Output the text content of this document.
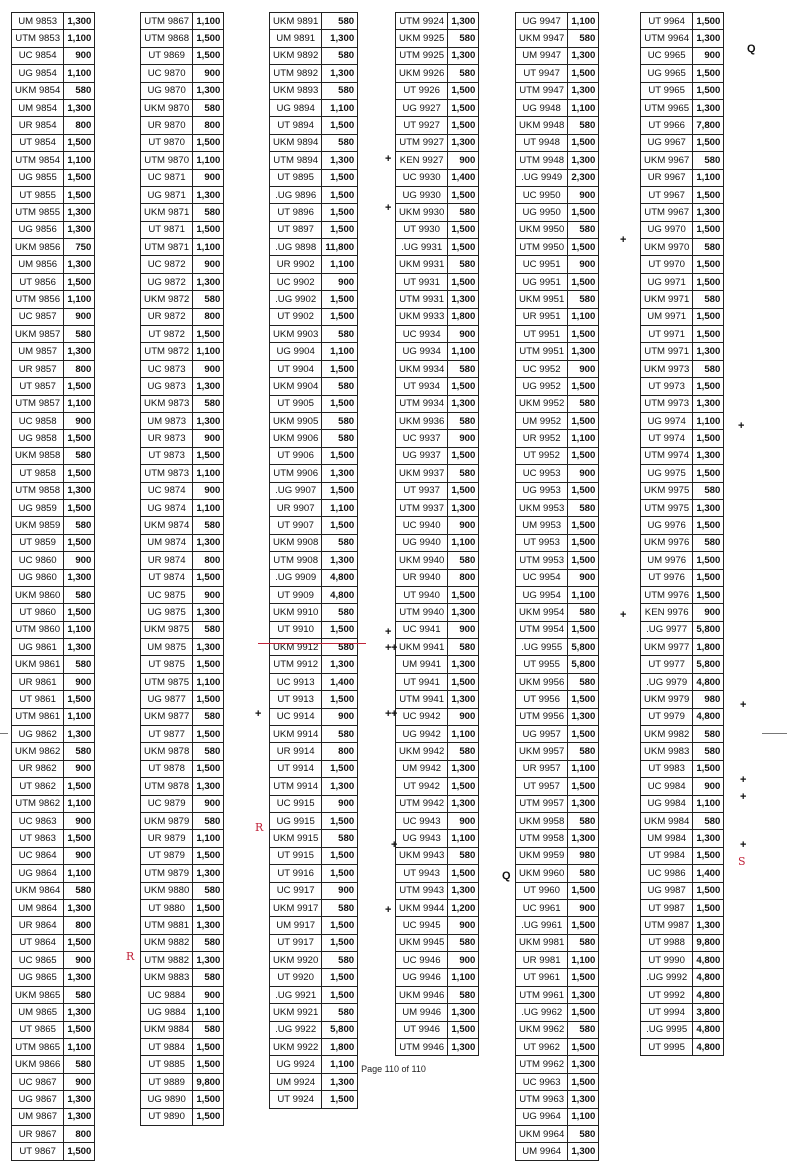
UM 9853	1,300
UTM 9853	1,100
UC 9854	900
UG 9854	1,100
UKM 9854	580
UM 9854	1,300
UR 9854	800
UT 9854	1,500
UTM 9854	1,100
UG 9855	1,500
UT 9855	1,500
UTM 9855	1,300
UG 9856	1,300
UKM 9856	750
UM 9856	1,300
UT 9856	1,500
UTM 9856	1,100
UC 9857	900
UKM 9857	580
UM 9857	1,300
UR 9857	800
UT 9857	1,500
UTM 9857	1,100
UC 9858	900
UG 9858	1,500
UKM 9858	580
UT 9858	1,500
UTM 9858	1,300
UG 9859	1,500
UKM 9859	580
UT 9859	1,500
UC 9860	900
UG 9860	1,300
UKM 9860	580
UT 9860	1,500
UTM 9860	1,100
UG 9861	1,300
UKM 9861	580
UR 9861	900
UT 9861	1,500
UTM 9861	1,100
UG 9862	1,300
UKM 9862	580
UR 9862	900
UT 9862	1,500
UTM 9862	1,100
UC 9863	900
UT 9863	1,500
UC 9864	900
UG 9864	1,100
UKM 9864	580
UM 9864	1,300
UR 9864	800
UT 9864	1,500
UC 9865	900
UG 9865	1,300
UKM 9865	580
UM 9865	1,300
UT 9865	1,500
UTM 9865	1,100
UKM 9866	580
UC 9867	900
UG 9867	1,300
UM 9867	1,300
UR 9867	800
UT 9867	1,500
UTM 9867	1,100
UTM 9868	1,500
UT 9869	1,500
UC 9870	900
UG 9870	1,300
UKM 9870	580
UR 9870	800
UT 9870	1,500
UTM 9870	1,100
UC 9871	900
UG 9871	1,300
UKM 9871	580
UT 9871	1,500
UTM 9871	1,100
UC 9872	900
UG 9872	1,300
UKM 9872	580
UR 9872	800
UT 9872	1,500
UTM 9872	1,100
UC 9873	900
UG 9873	1,300
UKM 9873	580
UM 9873	1,300
UR 9873	900
UT 9873	1,500
UTM 9873	1,100
UC 9874	900
UG 9874	1,100
UKM 9874	580
UM 9874	1,300
UR 9874	800
UT 9874	1,500
UC 9875	900
UG 9875	1,300
UKM 9875	580
UM 9875	1,300
UT 9875	1,500
UTM 9875	1,100
UG 9877	1,500
UKM 9877	580
UT 9877	1,500
UKM 9878	580
UT 9878	1,500
UTM 9878	1,300
UC 9879	900
UKM 9879	580
UR 9879	1,100
UT 9879	1,500
UTM 9879	1,300
UKM 9880	580
UT 9880	1,500
UTM 9881	1,300
UKM 9882	580
UTM 9882	1,300
UKM 9883	580
UC 9884	900
UG 9884	1,100
UKM 9884	580
UT 9884	1,500
UT 9885	1,500
UT 9889	9,800
UG 9890	1,500
UT 9890	1,500
UKM 9891	580
UM 9891	1,300
UKM 9892	580
UTM 9892	1,300
UKM 9893	580
UG 9894	1,100
UT 9894	1,500
UKM 9894	580
UTM 9894	1,300
UT 9895	1,500
.UG 9896	1,500
UT 9896	1,500
UT 9897	1,500
.UG 9898	11,800
UR 9902	1,100
UC 9902	900
.UG 9902	1,500
UT 9902	1,500
UKM 9903	580
UG 9904	1,100
UT 9904	1,500
UKM 9904	580
UT 9905	1,500
UKM 9905	580
UKM 9906	580
UT 9906	1,500
UTM 9906	1,300
.UG 9907	1,500
UR 9907	1,100
UT 9907	1,500
UKM 9908	580
UTM 9908	1,300
.UG 9909	4,800
UT 9909	4,800
UKM 9910	580
UT 9910	1,500
UKM 9912	580
UTM 9912	1,300
UC 9913	1,400
UT 9913	1,500
UC 9914	900
UKM 9914	580
UR 9914	800
UT 9914	1,500
UTM 9914	1,300
UC 9915	900
UG 9915	1,500
UKM 9915	580
UT 9915	1,500
UT 9916	1,500
UC 9917	900
UKM 9917	580
UM 9917	1,500
UT 9917	1,500
UKM 9920	580
UT 9920	1,500
.UG 9921	1,500
UKM 9921	580
.UG 9922	5,800
UKM 9922	1,800
UG 9924	1,100
UM 9924	1,300
UT 9924	1,500
UTM 9924	1,300
UKM 9925	580
UTM 9925	1,300
UKM 9926	580
UT 9926	1,500
UG 9927	1,500
UT 9927	1,500
UTM 9927	1,300
KEN 9927	900
UC 9930	1,400
UG 9930	1,500
UKM 9930	580
UT 9930	1,500
.UG 9931	1,500
UKM 9931	580
UT 9931	1,500
UTM 9931	1,300
UKM 9933	1,800
UC 9934	900
UG 9934	1,100
UKM 9934	580
UT 9934	1,500
UTM 9934	1,300
UKM 9936	580
UC 9937	900
UG 9937	1,500
UKM 9937	580
UT 9937	1,500
UTM 9937	1,300
UC 9940	900
UG 9940	1,100
UKM 9940	580
UR 9940	800
UT 9940	1,500
UTM 9940	1,300
UC 9941	900
UKM 9941	580
UM 9941	1,300
UT 9941	1,500
UTM 9941	1,300
UC 9942	900
UG 9942	1,100
UKM 9942	580
UM 9942	1,300
UT 9942	1,500
UTM 9942	1,300
UC 9943	900
UG 9943	1,100
UKM 9943	580
UT 9943	1,500
UTM 9943	1,300
UKM 9944	1,200
UC 9945	900
UKM 9945	580
UC 9946	900
UG 9946	1,100
UKM 9946	580
UM 9946	1,300
UT 9946	1,500
UTM 9946	1,300
UG 9947	1,100
UKM 9947	580
UM 9947	1,300
UT 9947	1,500
UTM 9947	1,300
UG 9948	1,100
UKM 9948	580
UT 9948	1,500
UTM 9948	1,300
.UG 9949	2,300
UC 9950	900
UG 9950	1,500
UKM 9950	580
UTM 9950	1,500
UC 9951	900
UG 9951	1,500
UKM 9951	580
UR 9951	1,100
UT 9951	1,500
UTM 9951	1,300
UC 9952	900
UG 9952	1,500
UKM 9952	580
UM 9952	1,500
UR 9952	1,100
UT 9952	1,500
UC 9953	900
UG 9953	1,500
UKM 9953	580
UM 9953	1,500
UT 9953	1,500
UTM 9953	1,500
UC 9954	900
UG 9954	1,100
UKM 9954	580
UTM 9954	1,500
.UG 9955	5,800
UT 9955	5,800
UKM 9956	580
UT 9956	1,500
UTM 9956	1,300
UG 9957	1,500
UKM 9957	580
UR 9957	1,100
UT 9957	1,500
UTM 9957	1,300
UKM 9958	580
UTM 9958	1,300
UKM 9959	980
UKM 9960	580
UT 9960	1,500
UC 9961	900
.UG 9961	1,500
UKM 9981	580
UR 9981	1,100
UT 9961	1,500
UTM 9961	1,300
.UG 9962	1,500
UKM 9962	580
UT 9962	1,500
UTM 9962	1,300
UC 9963	1,500
UTM 9963	1,300
UG 9964	1,100
UKM 9964	580
UM 9964	1,300
UT 9964	1,500
UTM 9964	1,300
UC 9965	900
UG 9965	1,500
UT 9965	1,500
UTM 9965	1,300
UT 9966	7,800
UG 9967	1,500
UKM 9967	580
UR 9967	1,100
UT 9967	1,500
UTM 9967	1,300
UG 9970	1,500
UKM 9970	580
UT 9970	1,500
UG 9971	1,500
UKM 9971	580
UM 9971	1,500
UT 9971	1,500
UTM 9971	1,300
UKM 9973	580
UT 9973	1,500
UTM 9973	1,300
UG 9974	1,100
UT 9974	1,500
UTM 9974	1,300
UG 9975	1,500
UKM 9975	580
UTM 9975	1,300
UG 9976	1,500
UKM 9976	580
UM 9976	1,500
UT 9976	1,500
UTM 9976	1,500
KEN 9976	900
.UG 9977	5,800
UKM 9977	1,800
UT 9977	5,800
.UG 9979	4,800
UKM 9979	980
UT 9979	4,800
UKM 9982	580
UKM 9983	580
UT 9983	1,500
UC 9984	900
UG 9984	1,100
UKM 9984	580
UM 9984	1,300
UT 9984	1,500
UC 9986	1,400
UG 9987	1,500
UT 9987	1,500
UTM 9987	1,300
UT 9988	9,800
UT 9990	4,800
.UG 9992	4,800
UT 9992	4,800
UT 9994	3,800
.UG 9995	4,800
UT 9995	4,800
Q
Q
+
+
+
+
+
+
+
+
+
+
+
+
+
+
+
+
+
R
R
S
Page 110 of 110
